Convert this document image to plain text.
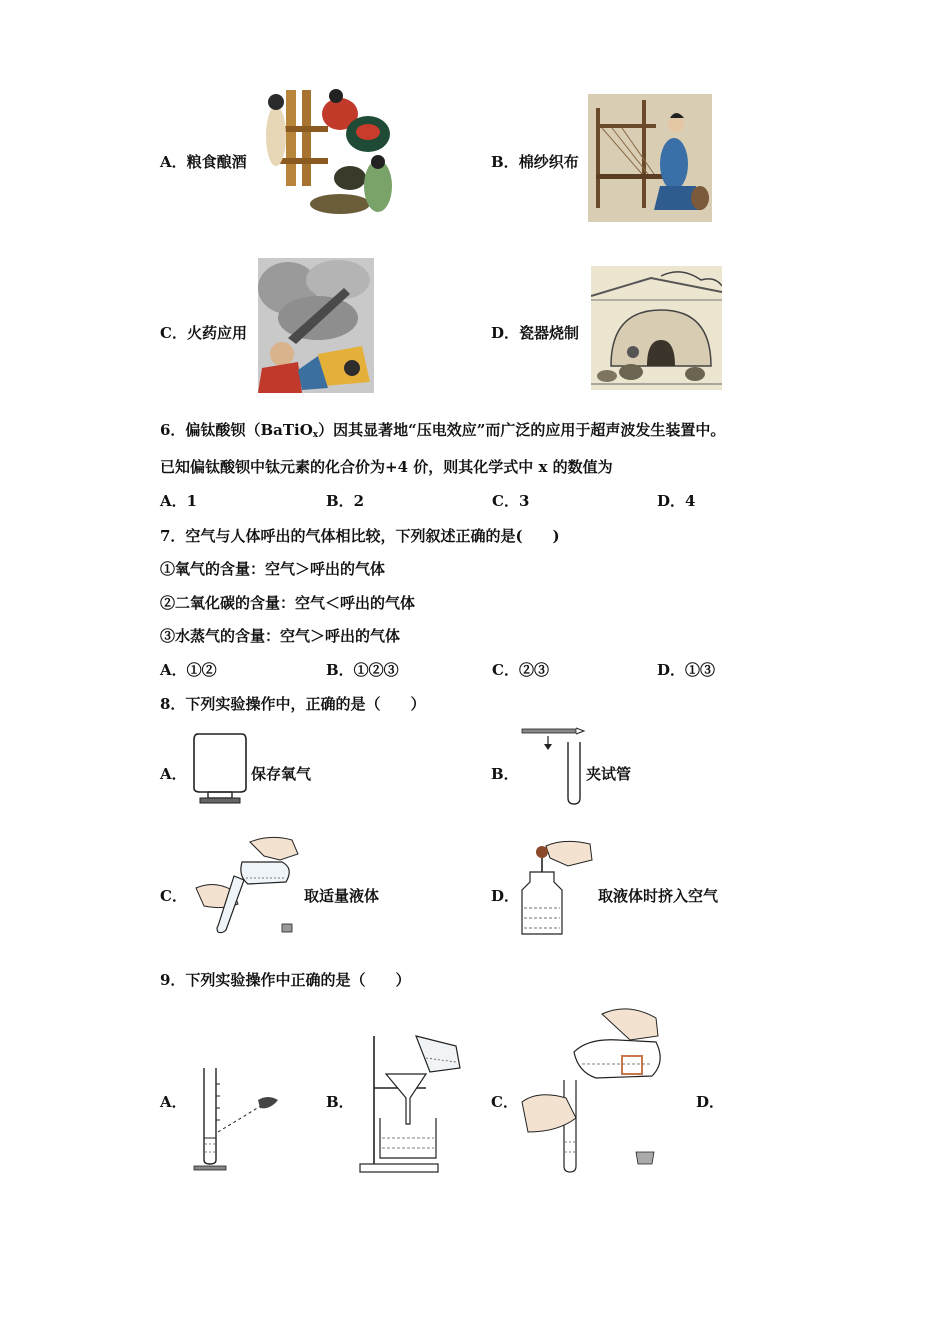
A．粮食酿酒	B．棉纱织布
C．火药应用	D．瓷器烧制
6．偏钛酸钡（BaTiO$_x$）因其显著地“压电效应”而广泛的应用于超声波发生装置中。
已知偏钛酸钡中钛元素的化合价为+4 价，则其化学式中 x 的数值为
A．1	B．2	C．3	D．4
7．空气与人体呼出的气体相比较，下列叙述正确的是(　　)
①氧气的含量：空气＞呼出的气体
②二氧化碳的含量：空气＜呼出的气体
③水蒸气的含量：空气＞呼出的气体
A．①②	B．①②③	C．②③	D．①③
8．下列实验操作中，正确的是（　　）
A．	保存氧气	B．	夹试管
C．	取适量液体	D．	取液体时挤入空气
9．下列实验操作中正确的是（　　）
A．	B．	C．	D．
